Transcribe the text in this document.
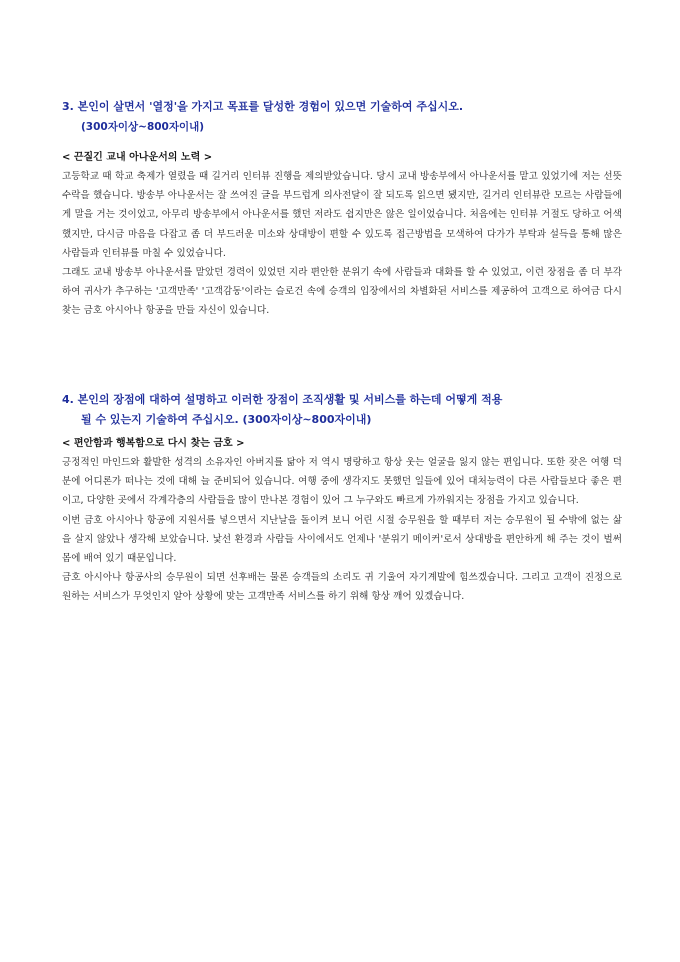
3. 본인이 살면서 '열정'을 가지고 목표를 달성한 경험이 있으면 기술하여 주십시오.

(300자이상~800자이내)

< 끈질긴 교내 아나운서의 노력 >

고등학교 때 학교 축제가 열렸을 때 길거리 인터뷰 진행을 제의받았습니다. 당시 교내 방송부에서 아나운서를 맡고 있었기에 저는 선뜻 수락을 했습니다. 방송부 아나운서는 잘 쓰여진 글을 부드럽게 의사전달이 잘 되도록 읽으면 됐지만, 길거리 인터뷰란 모르는 사람들에게 말을 거는 것이었고, 아무리 방송부에서 아나운서를 했던 저라도 쉽지만은 않은 일이었습니다. 처음에는 인터뷰 거절도 당하고 어색했지만, 다시금 마음을 다잡고 좀 더 부드러운 미소와 상대방이 편할 수 있도록 접근방법을 모색하여 다가가 부탁과 설득을 통해 많은 사람들과 인터뷰를 마칠 수 있었습니다.

그래도 교내 방송부 아나운서를 맡았던 경력이 있었던 지라 편안한 분위기 속에 사람들과 대화를 할 수 있었고, 이런 장점을 좀 더 부각하여 귀사가 추구하는 '고객만족' '고객감동'이라는 슬로건 속에 승객의 입장에서의 차별화된 서비스를 제공하여 고객으로 하여금 다시 찾는 금호 아시아나 항공을 만들 자신이 있습니다.

4. 본인의 장점에 대하여 설명하고 이러한 장점이 조직생활 및 서비스를 하는데 어떻게 적용
될 수 있는지 기술하여 주십시오. (300자이상~800자이내)

< 편안함과 행복함으로 다시 찾는 금호 >

긍정적인 마인드와 활발한 성격의 소유자인 아버지를 닮아 저 역시 명랑하고 항상 웃는 얼굴을 잃지 않는 편입니다. 또한 잦은 여행 덕분에 어디론가 떠나는 것에 대해 늘 준비되어 있습니다. 여행 중에 생각지도 못했던 일들에 있어 대처능력이 다른 사람들보다 좋은 편이고, 다양한 곳에서 각계각층의 사람들을 많이 만나본 경험이 있어 그 누구와도 빠르게 가까워지는 장점을 가지고 있습니다.

이번 금호 아시아나 항공에 지원서를 넣으면서 지난날을 돌이켜 보니 어린 시절 승무원을 할 때부터 저는 승무원이 될 수밖에 없는 삶을 살지 않았나 생각해 보았습니다. 낯선 환경과 사람들 사이에서도 언제나 '분위기 메이커'로서 상대방을 편안하게 해 주는 것이 벌써 몸에 배여 있기 때문입니다.

금호 아시아나 항공사의 승무원이 되면 선후배는 물론 승객들의 소리도 귀 기울여 자기계발에 힘쓰겠습니다. 그리고 고객이 진정으로 원하는 서비스가 무엇인지 알아 상황에 맞는 고객만족 서비스를 하기 위해 항상 깨어 있겠습니다.
